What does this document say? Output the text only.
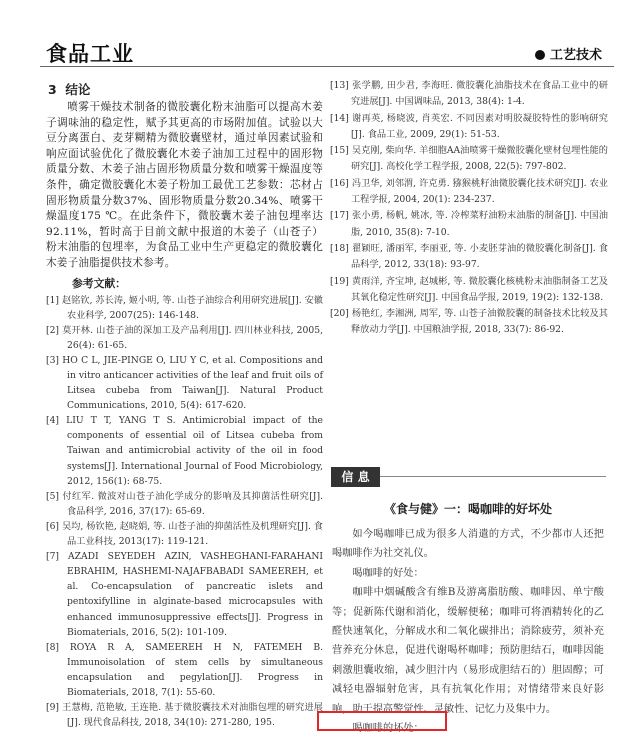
食品工业	工艺技术
3 结论

喷雾干燥技术制备的微胶囊化粉末油脂可以提高木姜子调味油的稳定性，赋予其更高的市场附加值。试验以大豆分离蛋白、麦芽糊精为微胶囊壁材，通过单因素试验和响应面试验优化了微胶囊化木姜子油加工过程中的固形物质量分数、木姜子油占固形物质量分数和喷雾干燥温度等条件，确定微胶囊化木姜子粉加工最优工艺参数：芯材占固形物质量分数37%、固形物质量分数20.34%、喷雾干燥温度175 ℃。在此条件下，微胶囊木姜子油包埋率达92.11%，暂时高于目前文献中报道的木姜子（山苍子）粉末油脂的包埋率，为食品工业中生产更稳定的微胶囊化木姜子油脂提供技术参考。

参考文献：

[1] 赵铭钦, 苏长涛, 姬小明, 等. 山苍子油综合利用研究进展[J]. 安徽农业科学, 2007(25): 146-148.

[2] 莫开林. 山苍子油的深加工及产品利用[J]. 四川林业科技, 2005, 26(4): 61-65.

[3] HO C L, JIE-PINGE O, LIU Y C, et al. Compositions and in vitro anticancer activities of the leaf and fruit oils of Litsea cubeba from Taiwan[J]. Natural Product Communications, 2010, 5(4): 617-620.

[4] LIU T T, YANG T S. Antimicrobial impact of the components of essential oil of Litsea cubeba from Taiwan and antimicrobial activity of the oil in food systems[J]. International Journal of Food Microbiology, 2012, 156(1): 68-75.

[5] 付红军. 微波对山苍子油化学成分的影响及其抑菌活性研究[J]. 食品科学, 2016, 37(17): 65-69.

[6] 吴均, 杨钦艳, 赵晓娟, 等. 山苍子油的抑菌活性及机理研究[J]. 食品工业科技, 2013(17): 119-121.

[7] AZADI SEYEDEH AZIN, VASHEGHANI-FARAHANI EBRAHIM, HASHEMI-NAJAFBABADI SAMEEREH, et al. Co-encapsulation of pancreatic islets and pentoxifylline in alginate-based microcapsules with enhanced immunosuppressive effects[J]. Progress in Biomaterials, 2016, 5(2): 101-109.

[8] ROYA R A, SAMEEREH H N, FATEMEH B. Immunoisolation of stem cells by simultaneous encapsulation and pegylation[J]. Progress in Biomaterials, 2018, 7(1): 55-60.

[9] 王慧梅, 范艳敏, 王连艳. 基于微胶囊技术对油脂包埋的研究进展[J]. 现代食品科技, 2018, 34(10): 271-280, 195.

[13] 张学鹏, 田少君, 李海旺. 微胶囊化油脂技术在食品工业中的研究进展[J]. 中国调味品, 2013, 38(4): 1-4.

[14] 谢再英, 杨晓波, 肖英宏. 不同因素对明胶凝胶特性的影响研究[J]. 食品工业, 2009, 29(1): 51-53.

[15] 吴克刚, 柴向华. 羊细胞AA油喷雾干燥微胶囊化壁材包埋性能的研究[J]. 高校化学工程学报, 2008, 22(5): 797-802.

[16] 冯卫华, 刘邻渭, 许克勇. 猕猴桃籽油微胶囊化技术研究[J]. 农业工程学报, 2004, 20(1): 234-237.

[17] 张小勇, 杨帆, 姚冰, 等. 冷榨菜籽油粉末油脂的制备[J]. 中国油脂, 2010, 35(8): 7-10.

[18] 翟颖旺, 潘丽军, 李丽亚, 等. 小麦胚芽油的微胶囊化制备[J]. 食品科学, 2012, 33(18): 93-97.

[19] 黄雨洋, 齐宝坤, 赵城彬, 等. 微胶囊化核桃粉末油脂制备工艺及其氧化稳定性研究[J]. 中国食品学报, 2019, 19(2): 132-138.

[20] 杨艳红, 李湘洲, 周军, 等. 山苍子油微胶囊的制备技术比较及其释放动力学[J]. 中国粮油学报, 2018, 33(7): 86-92.

信 息
《食与健》一：喝咖啡的好坏处

如今喝咖啡已成为很多人消遣的方式，不少都市人还把喝咖啡作为社交礼仪。

喝咖啡的好处：

咖啡中烟碱酸含有维B及游离脂肪酸、咖啡因、单宁酸等；促新陈代谢和消化，缓解便秘；咖啡可将酒精转化的乙醛快速氧化，分解成水和二氧化碳排出；消除疲劳，须补充营养充分休息，促进代谢喝杯咖啡；预防胆结石，咖啡因能刺激胆囊收缩，减少胆汁内（易形成胆结石的）胆固醇；可减轻电器辐射危害，具有抗氧化作用；对情绪带来良好影响，助于提高警觉性、灵敏性、记忆力及集中力。

喝咖啡的坏处：
